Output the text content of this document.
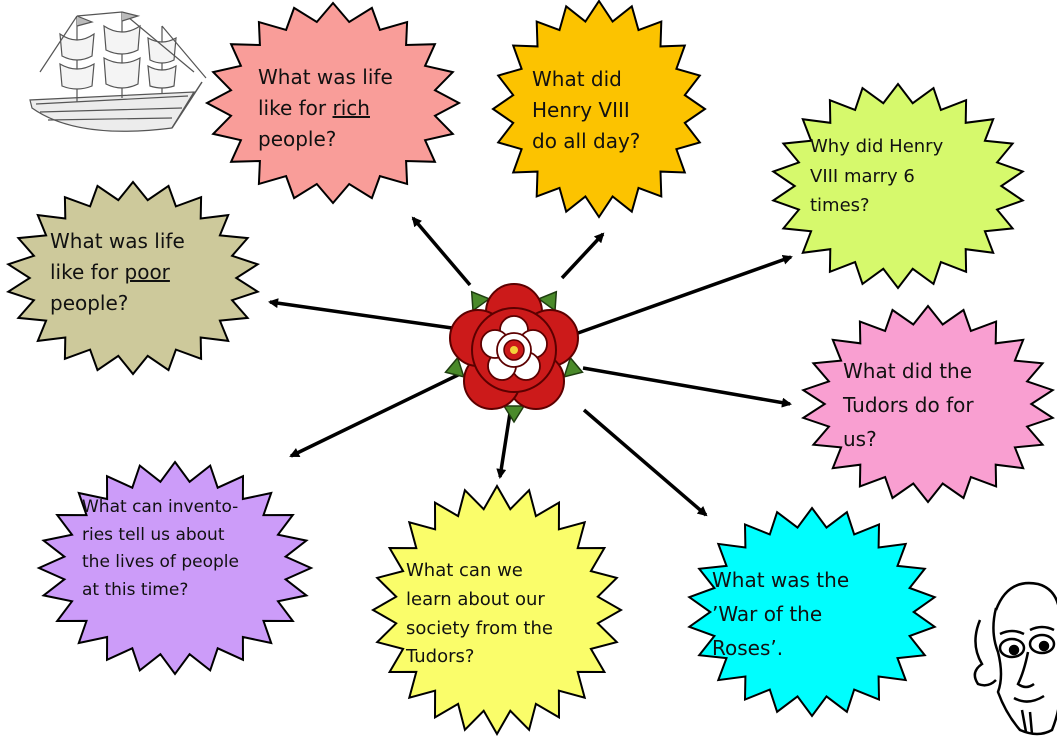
What was life
like for rich
people?
What did
Henry VIII
do all day?	Why did Henry
VIII marry 6
times?
What was life
like for poor
people?
What did the
Tudors do for
us?
What can invento-
ries tell us about
the lives of people
at this time?
What can we
learn about our
society from the
Tudors?
What was the
’War of the
Roses’.
